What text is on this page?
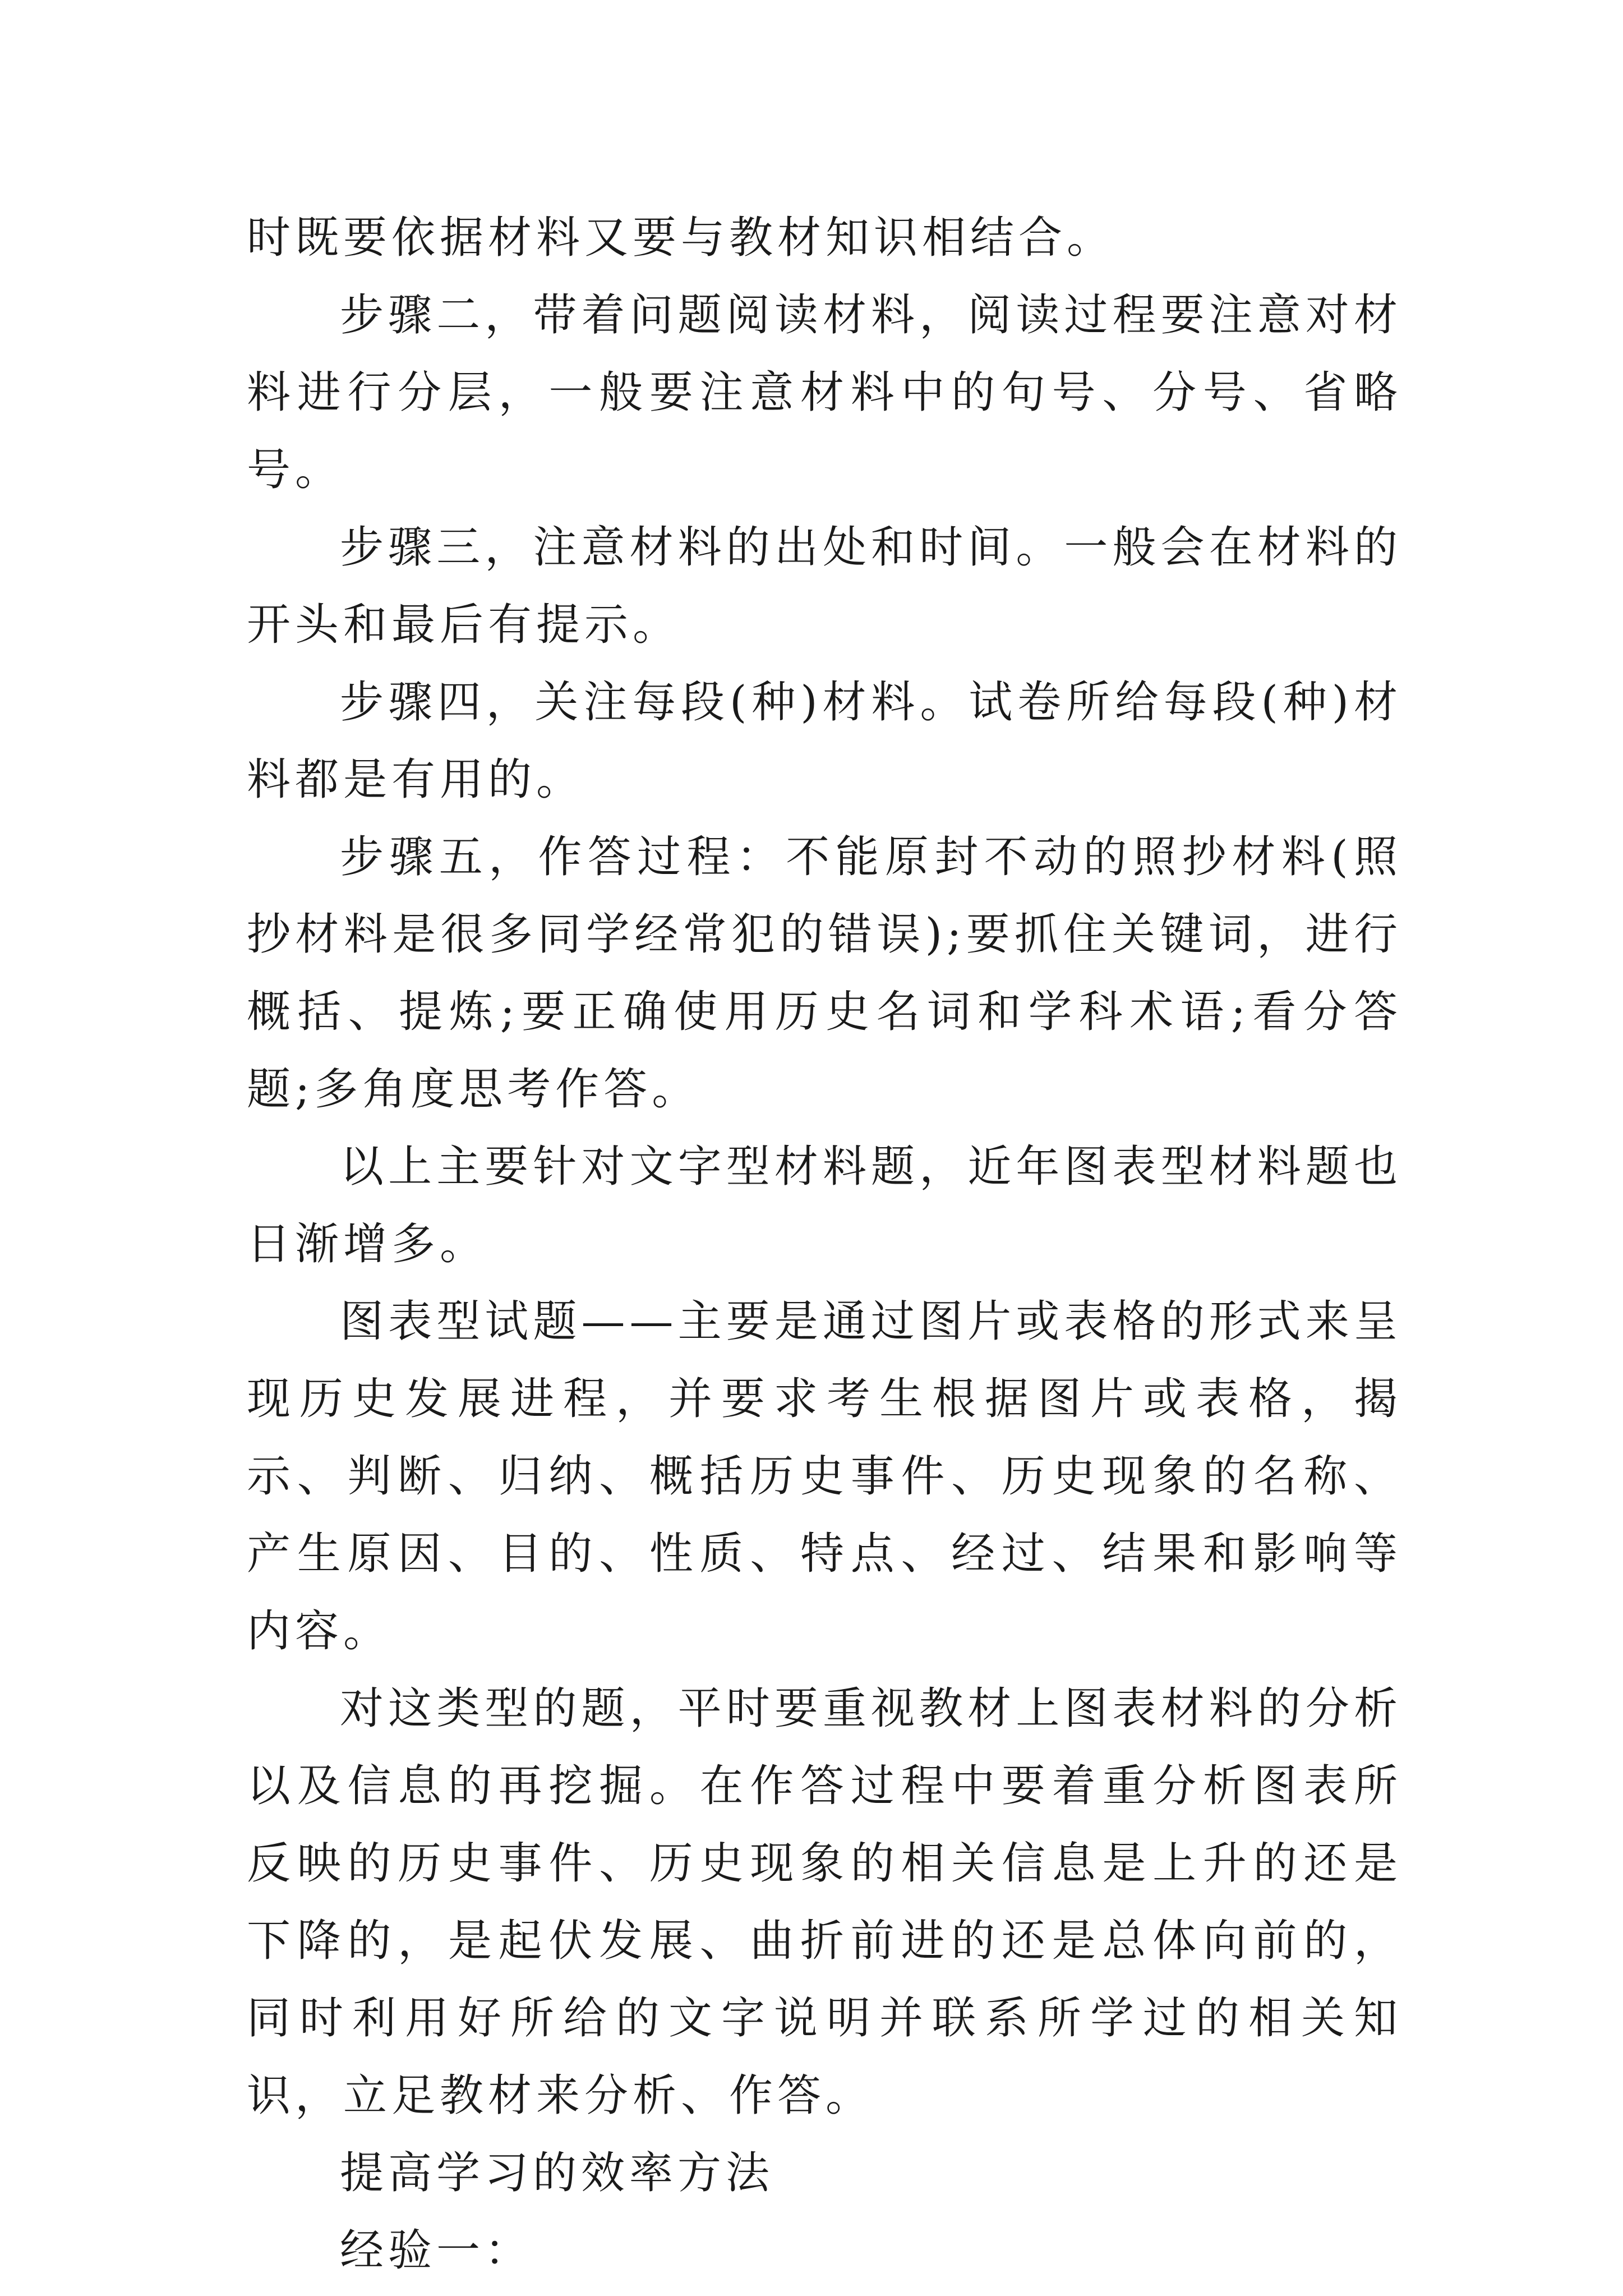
时既要依据材料又要与教材知识相结合。

步骤二，带着问题阅读材料，阅读过程要注意对材料进行分层，一般要注意材料中的句号、分号、省略号。

步骤三，注意材料的出处和时间。一般会在材料的开头和最后有提示。

步骤四，关注每段(种)材料。试卷所给每段(种)材料都是有用的。

步骤五，作答过程：不能原封不动的照抄材料(照抄材料是很多同学经常犯的错误);要抓住关键词，进行概括、提炼;要正确使用历史名词和学科术语;看分答题;多角度思考作答。

以上主要针对文字型材料题，近年图表型材料题也日渐增多。

图表型试题——主要是通过图片或表格的形式来呈现历史发展进程，并要求考生根据图片或表格，揭示、判断、归纳、概括历史事件、历史现象的名称、产生原因、目的、性质、特点、经过、结果和影响等内容。

对这类型的题，平时要重视教材上图表材料的分析以及信息的再挖掘。在作答过程中要着重分析图表所反映的历史事件、历史现象的相关信息是上升的还是下降的，是起伏发展、曲折前进的还是总体向前的，同时利用好所给的文字说明并联系所学过的相关知识，立足教材来分析、作答。

提高学习的效率方法

经验一：
